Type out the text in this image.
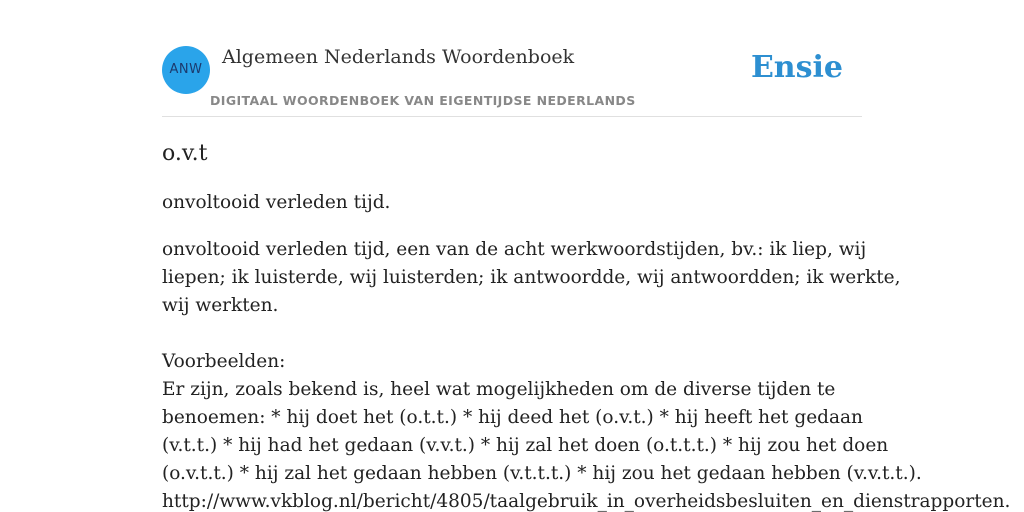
ANW
Algemeen Nederlands Woordenboek
DIGITAAL WOORDENBOEK VAN EIGENTIJDSE NEDERLANDS
Ensie
o.v.t

onvoltooid verleden tijd.

onvoltooid verleden tijd, een van de acht werkwoordstijden, bv.: ik liep, wij
liepen; ik luisterde, wij luisterden; ik antwoordde, wij antwoordden; ik werkte,
wij werkten.
Voorbeelden:
Er zijn, zoals bekend is, heel wat mogelijkheden om de diverse tijden te
benoemen: * hij doet het (o.t.t.) * hij deed het (o.v.t.) * hij heeft het gedaan
(v.t.t.) * hij had het gedaan (v.v.t.) * hij zal het doen (o.t.t.t.) * hij zou het doen
(o.v.t.t.) * hij zal het gedaan hebben (v.t.t.t.) * hij zou het gedaan hebben (v.v.t.t.).
http://www.vkblog.nl/bericht/4805/taalgebruik_in_overheidsbesluiten_en_dienstrapporten.
